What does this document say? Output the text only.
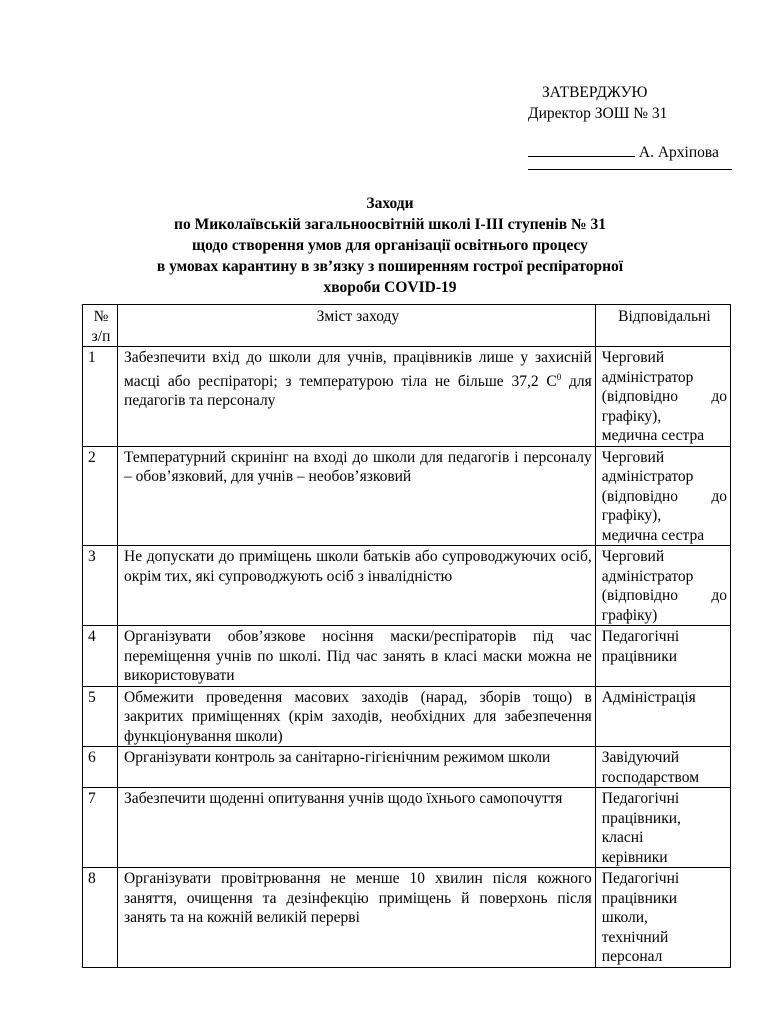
ЗАТВЕРДЖУЮ
Директор ЗОШ № 31
А. Архіпова
Заходи
по Миколаївській загальноосвітній школі І-ІІІ ступенів № 31
щодо створення умов для організації освітнього процесу
в умовах карантину в зв’язку з поширенням гострої респіраторної
хвороби COVID-19
№
з/п	Зміст заходу	Відповідальні
1	Забезпечити вхід до школи для учнів, працівників лише у захисній масці або респіраторі; з температурою тіла не більше 37,2 $С^0$ для педагогів та персоналу	Черговий
адміністратор
(відповідно до
графіку),
медична сестра

2	Температурний скринінг на вході до школи для педагогів і персоналу – обов’язковий, для учнів – необов’язковий	Черговий
адміністратор
(відповідно до
графіку),
медична сестра

3	Не допускати до приміщень школи батьків або супроводжуючих осіб, окрім тих, які супроводжують осіб з інвалідністю	Черговий
адміністратор
(відповідно до
графіку)

4	Організувати обов’язкове носіння маски/респіраторів під час переміщення учнів по школі. Під час занять в класі маски можна не використовувати	Педагогічні
працівники

5	Обмежити проведення масових заходів (нарад, зборів тощо) в закритих приміщеннях (крім заходів, необхідних для забезпечення функціонування школи)	Адміністрація

6	Організувати контроль за санітарно-гігієнічним режимом школи	Завідуючий
господарством

7	Забезпечити щоденні опитування учнів щодо їхнього самопочуття	Педагогічні
працівники,
класні
керівники

8	Організувати провітрювання не менше 10 хвилин після кожного заняття, очищення та дезінфекцію приміщень й поверхонь після занять та на кожній великій перерві	Педагогічні
працівники
школи,
технічний
персонал
